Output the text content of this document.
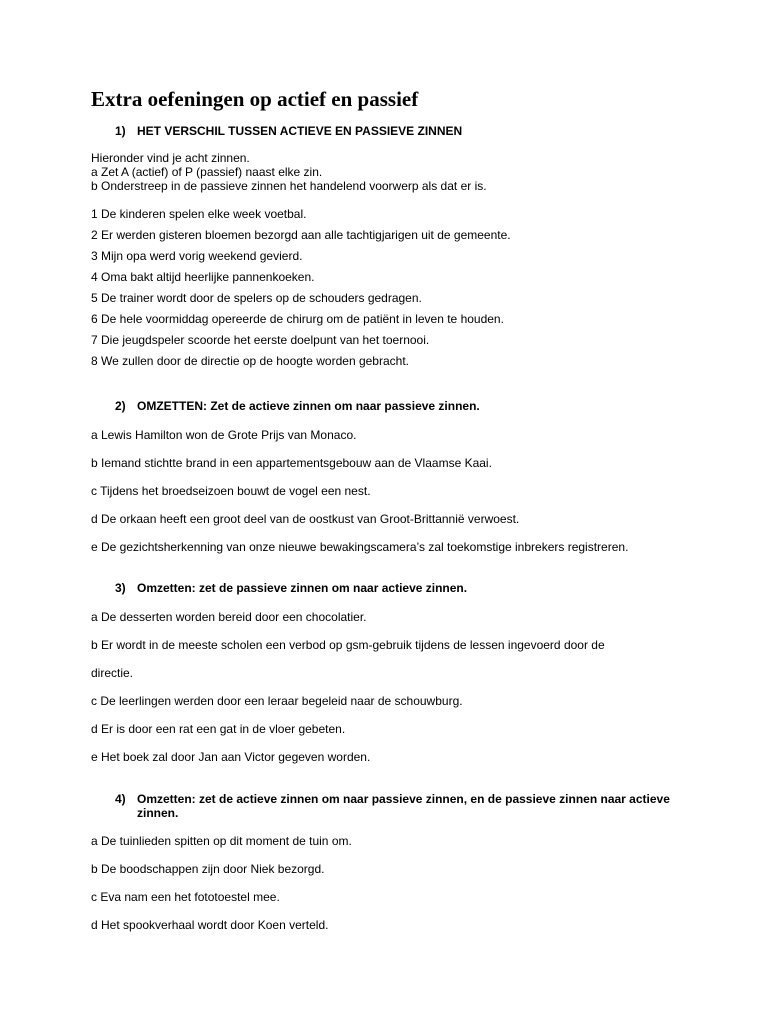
Extra oefeningen op actief en passief
1) HET VERSCHIL TUSSEN ACTIEVE EN PASSIEVE ZINNEN
Hieronder vind je acht zinnen.
a Zet A (actief) of P (passief) naast elke zin.
b Onderstreep in de passieve zinnen het handelend voorwerp als dat er is.
1 De kinderen spelen elke week voetbal.
2 Er werden gisteren bloemen bezorgd aan alle tachtigjarigen uit de gemeente.
3 Mijn opa werd vorig weekend gevierd.
4 Oma bakt altijd heerlijke pannenkoeken.
5 De trainer wordt door de spelers op de schouders gedragen.
6 De hele voormiddag opereerde de chirurg om de patiënt in leven te houden.
7 Die jeugdspeler scoorde het eerste doelpunt van het toernooi.
8 We zullen door de directie op de hoogte worden gebracht.
2) OMZETTEN: Zet de actieve zinnen om naar passieve zinnen.
a Lewis Hamilton won de Grote Prijs van Monaco.
b Iemand stichtte brand in een appartementsgebouw aan de Vlaamse Kaai.
c Tijdens het broedseizoen bouwt de vogel een nest.
d De orkaan heeft een groot deel van de oostkust van Groot-Brittannië verwoest.
e De gezichtsherkenning van onze nieuwe bewakingscamera’s zal toekomstige inbrekers registreren.
3) Omzetten: zet de passieve zinnen om naar actieve zinnen.
a De desserten worden bereid door een chocolatier.
b Er wordt in de meeste scholen een verbod op gsm-gebruik tijdens de lessen ingevoerd door de
directie.
c De leerlingen werden door een leraar begeleid naar de schouwburg.
d Er is door een rat een gat in de vloer gebeten.
e Het boek zal door Jan aan Victor gegeven worden.
4) Omzetten: zet de actieve zinnen om naar passieve zinnen, en de passieve zinnen naar actieve zinnen.
a De tuinlieden spitten op dit moment de tuin om.
b De boodschappen zijn door Niek bezorgd.
c Eva nam een het fototoestel mee.
d Het spookverhaal wordt door Koen verteld.
